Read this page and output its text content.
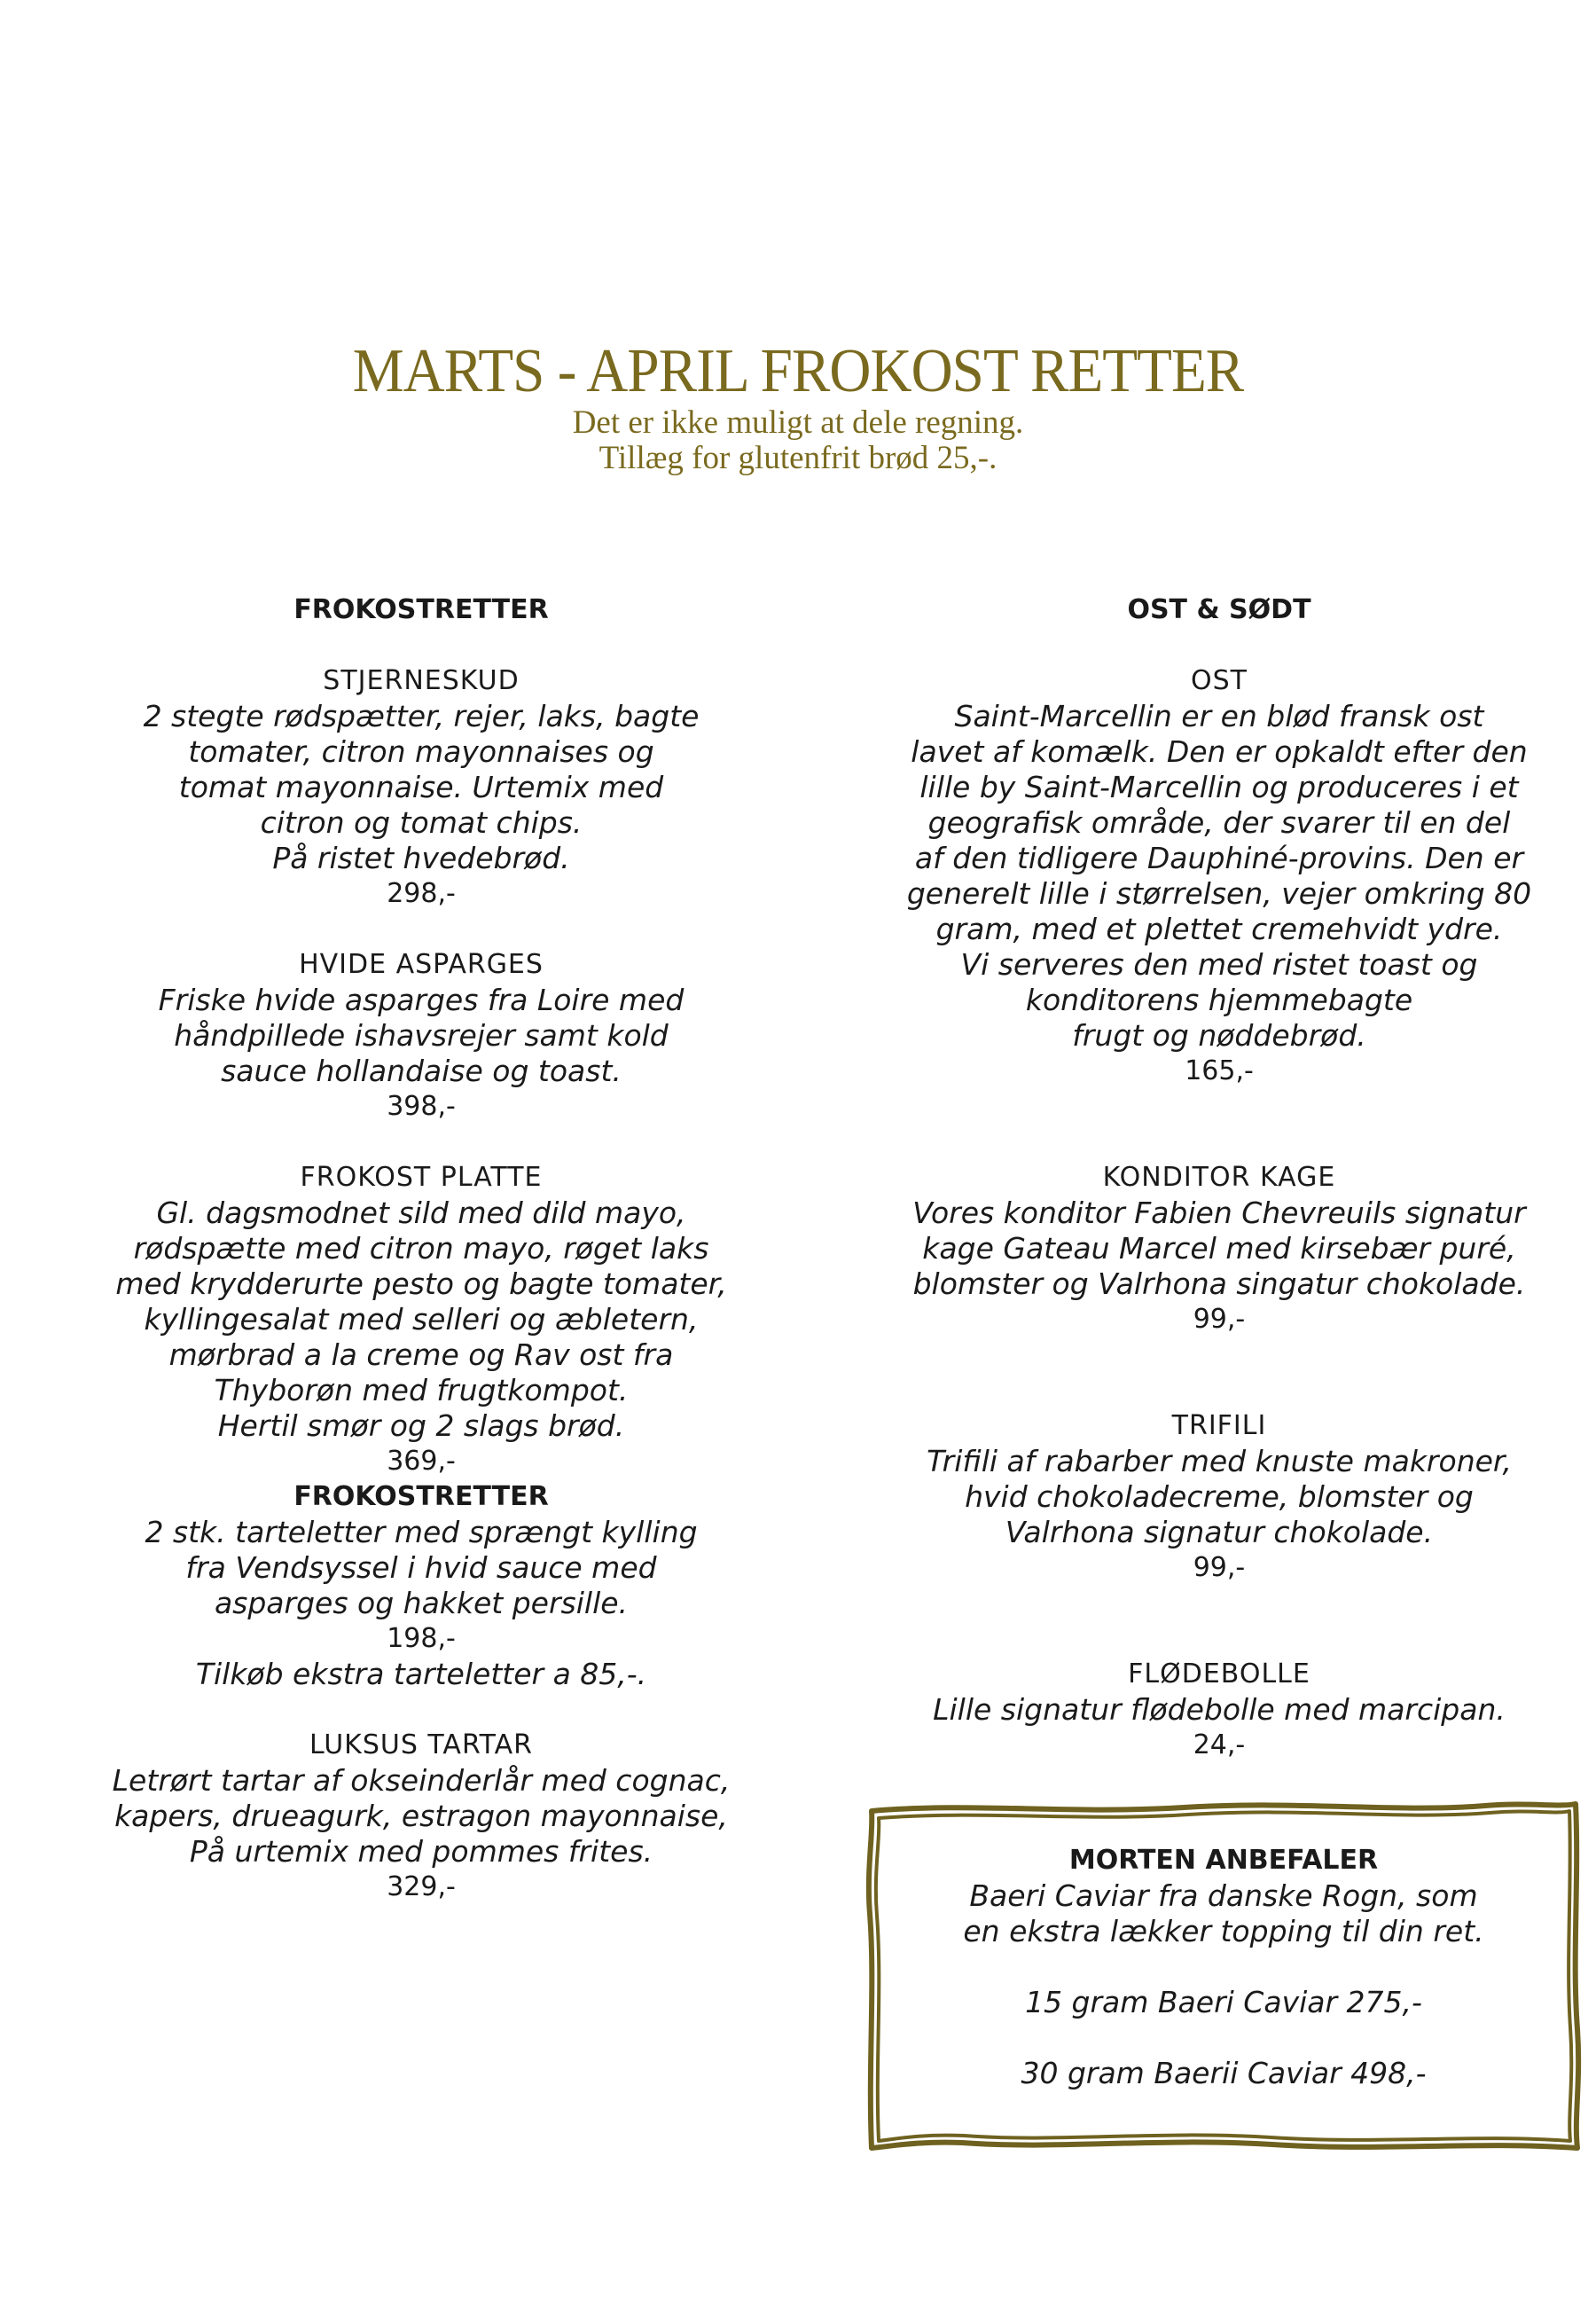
MARTS - APRIL FROKOST RETTER
Det er ikke muligt at dele regning.
Tillæg for glutenfrit brød 25,-.
FROKOSTRETTER
STJERNESKUD
2 stegte rødspætter, rejer, laks, bagte
tomater, citron mayonnaises og
tomat mayonnaise. Urtemix med
citron og tomat chips.
På ristet hvedebrød.
298,-
HVIDE ASPARGES
Friske hvide asparges fra Loire med
håndpillede ishavsrejer samt kold
sauce hollandaise og toast.
398,-
FROKOST PLATTE
Gl. dagsmodnet sild med dild mayo,
rødspætte med citron mayo, røget laks
med krydderurte pesto og bagte tomater,
kyllingesalat med selleri og æbletern,
mørbrad a la creme og Rav ost fra
Thyborøn med frugtkompot.
Hertil smør og 2 slags brød.
369,-
FROKOSTRETTER
2 stk. tarteletter med sprængt kylling
fra Vendsyssel i hvid sauce med
asparges og hakket persille.
198,-
Tilkøb ekstra tarteletter a 85,-.
LUKSUS TARTAR
Letrørt tartar af okseinderlår med cognac,
kapers, drueagurk, estragon mayonnaise,
På urtemix med pommes frites.
329,-
OST & SØDT
OST
Saint-Marcellin er en blød fransk ost
lavet af komælk. Den er opkaldt efter den
lille by Saint-Marcellin og produceres i et
geografisk område, der svarer til en del
af den tidligere Dauphiné-provins. Den er
generelt lille i størrelsen, vejer omkring 80
gram, med et plettet cremehvidt ydre.
Vi serveres den med ristet toast og
konditorens hjemmebagte
frugt og nøddebrød.
165,-
KONDITOR KAGE
Vores konditor Fabien Chevreuils signatur
kage Gateau Marcel med kirsebær puré,
blomster og Valrhona singatur chokolade.
99,-
TRIFILI
Trifili af rabarber med knuste makroner,
hvid chokoladecreme, blomster og
Valrhona signatur chokolade.
99,-
FLØDEBOLLE
Lille signatur flødebolle med marcipan.
24,-
MORTEN ANBEFALER
Baeri Caviar fra danske Rogn, som
en ekstra lækker topping til din ret.
15 gram Baeri Caviar 275,-
30 gram Baerii Caviar 498,-
